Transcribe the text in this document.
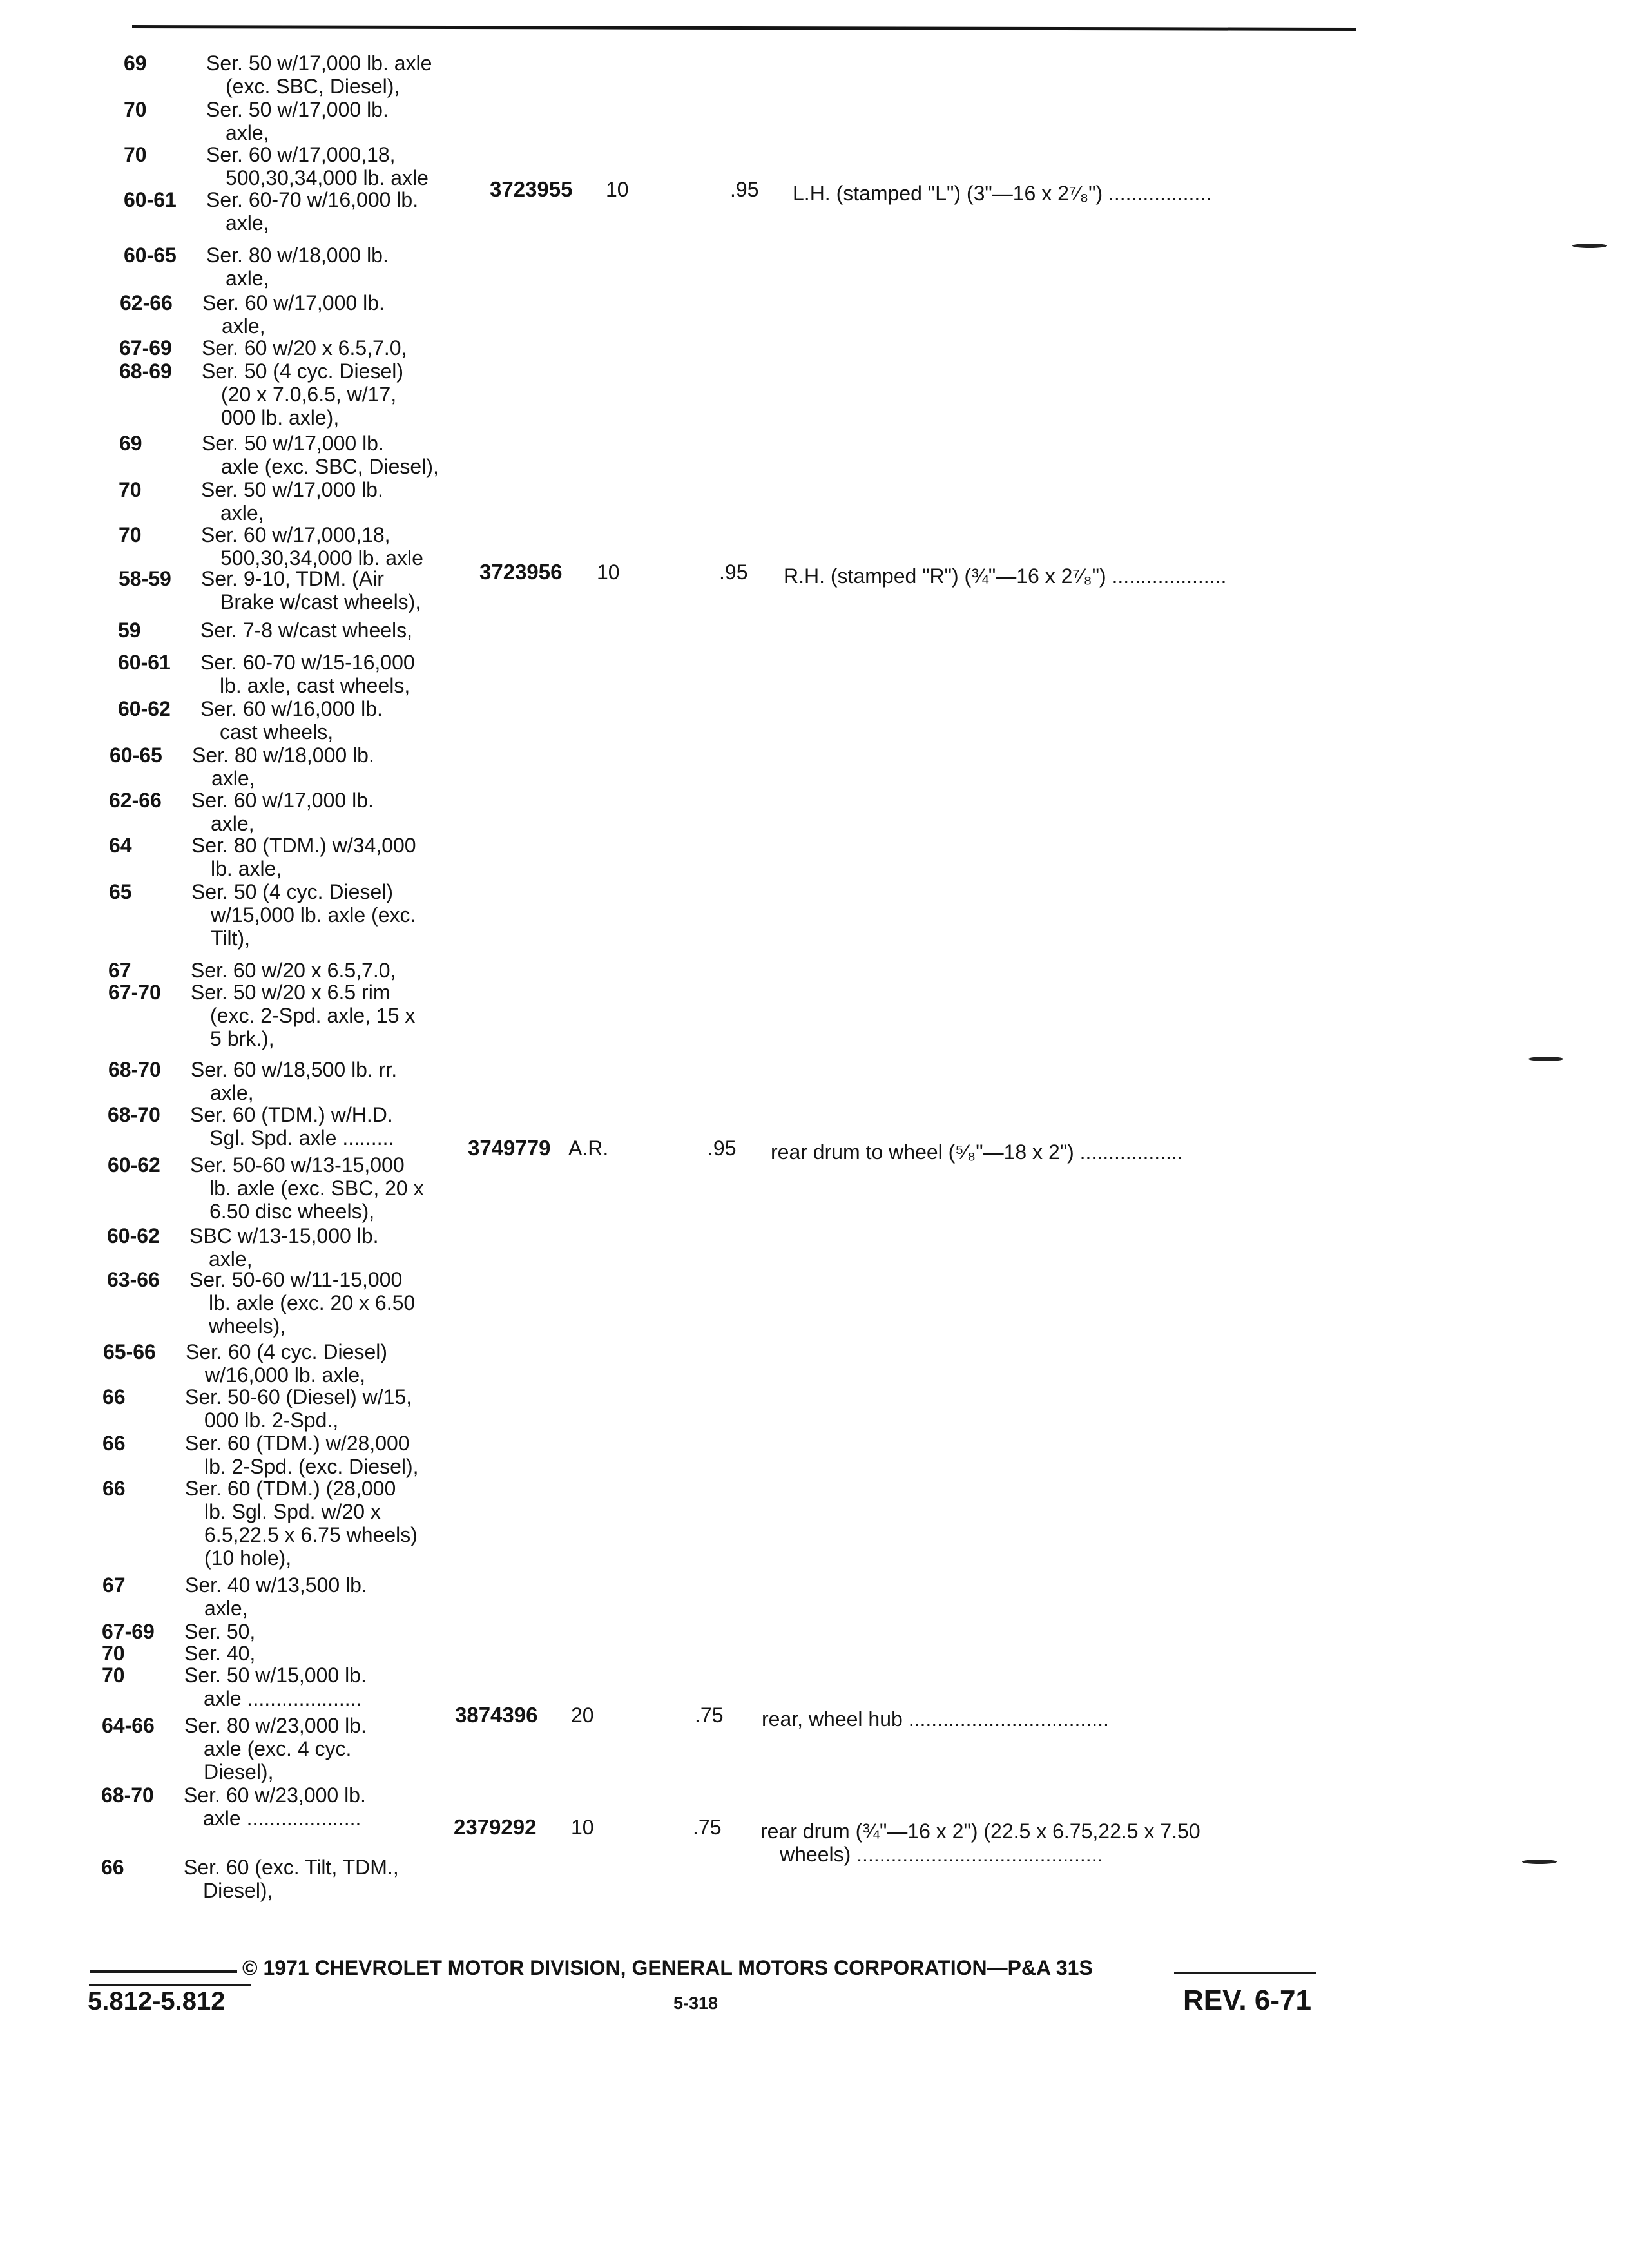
69	Ser. 50 w/17,000 lb. axle
(exc. SBC, Diesel),
70	Ser. 50 w/17,000 lb.
axle,
70	Ser. 60 w/17,000,18,
500,30,34,000 lb. axle
60-61 Ser. 60-70 w/16,000 lb.
axle,
60-65 Ser. 80 w/18,000 lb.
axle,
62-66 Ser. 60 w/17,000 lb.
axle,
67-69 Ser. 60 w/20 x 6.5,7.0,
68-69 Ser. 50 (4 cyc. Diesel)
(20 x 7.0,6.5, w/17,
000 lb. axle),
69	Ser. 50 w/17,000 lb.
axle (exc. SBC, Diesel),
70	Ser. 50 w/17,000 lb.
axle,
70	Ser. 60 w/17,000,18,
500,30,34,000 lb. axle
58-59 Ser. 9-10, TDM. (Air
Brake w/cast wheels),
59	Ser. 7-8 w/cast wheels,
60-61 Ser. 60-70 w/15-16,000
lb. axle, cast wheels,
60-62 Ser. 60 w/16,000 lb.
cast wheels,
60-65 Ser. 80 w/18,000 lb.
axle,
62-66 Ser. 60 w/17,000 lb.
axle,
64	Ser. 80 (TDM.) w/34,000
lb. axle,
65	Ser. 50 (4 cyc. Diesel)
w/15,000 lb. axle (exc.
Tilt),
67	Ser. 60 w/20 x 6.5,7.0,
67-70 Ser. 50 w/20 x 6.5 rim
(exc. 2-Spd. axle, 15 x
5 brk.),
68-70 Ser. 60 w/18,500 lb. rr.
axle,
68-70 Ser. 60 (TDM.) w/H.D.
Sgl. Spd. axle .........
60-62 Ser. 50-60 w/13-15,000
lb. axle (exc. SBC, 20 x
6.50 disc wheels),
60-62 SBC w/13-15,000 lb.
axle,
63-66 Ser. 50-60 w/11-15,000
lb. axle (exc. 20 x 6.50
wheels),
65-66 Ser. 60 (4 cyc. Diesel)
w/16,000 lb. axle,
66	Ser. 50-60 (Diesel) w/15,
000 lb. 2-Spd.,
66	Ser. 60 (TDM.) w/28,000
lb. 2-Spd. (exc. Diesel),
66	Ser. 60 (TDM.) (28,000
lb. Sgl. Spd. w/20 x
6.5,22.5 x 6.75 wheels)
(10 hole),
67	Ser. 40 w/13,500 lb.
axle,
67-69 Ser. 50,
70	Ser. 40,
70	Ser. 50 w/15,000 lb.
axle ....................
64-66 Ser. 80 w/23,000 lb.
axle (exc. 4 cyc.
Diesel),
68-70 Ser. 60 w/23,000 lb.
axle ....................
66	Ser. 60 (exc. Tilt, TDM.,
Diesel),
3723955 10	.95 L.H. (stamped "L") (3"—16 x 2⁷⁄₈") ..................
3723956 10	.95 R.H. (stamped "R") (¾"—16 x 2⁷⁄₈") ....................
3749779 A.R.	.95 rear drum to wheel (⁵⁄₈"—18 x 2") ..................
3874396 20	.75 rear, wheel hub ...................................
2379292 10	.75 rear drum (¾"—16 x 2") (22.5 x 6.75,22.5 x 7.50
wheels) ...........................................
© 1971 CHEVROLET MOTOR DIVISION, GENERAL MOTORS CORPORATION—P&A 31S
5.812-5.812	5-318	REV. 6-71
